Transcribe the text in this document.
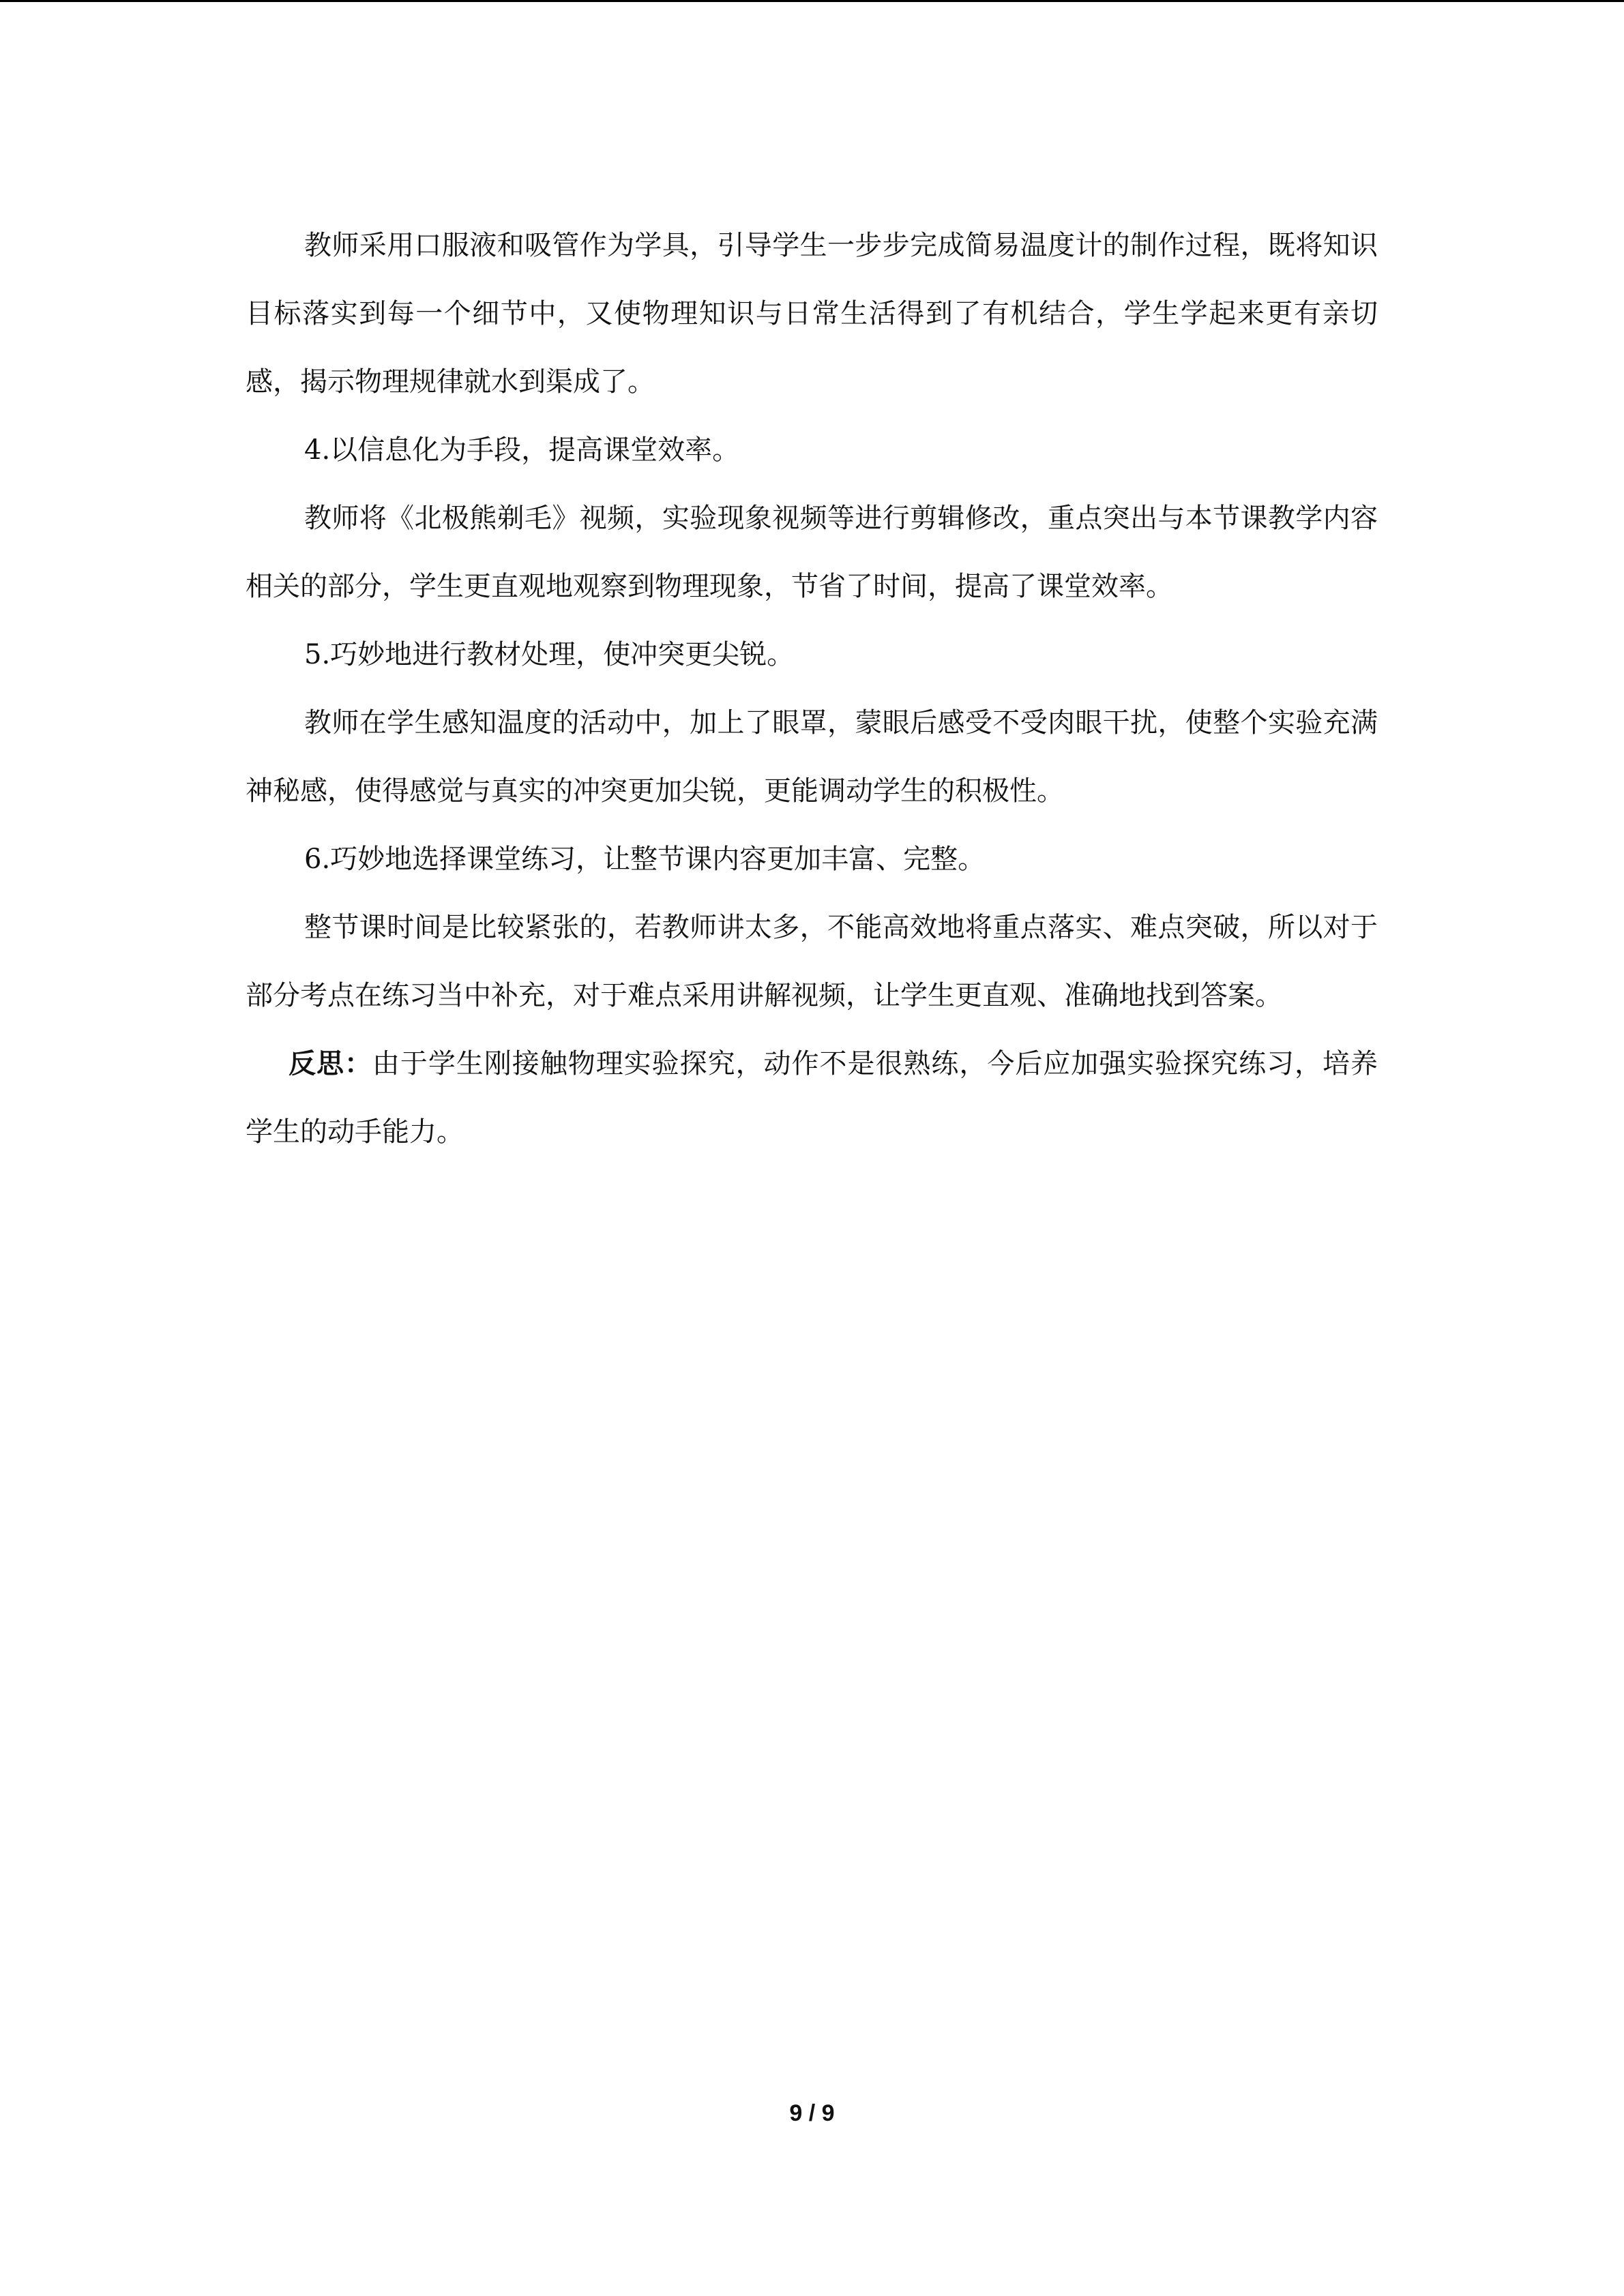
教师采用口服液和吸管作为学具，引导学生一步步完成简易温度计的制作过程，既将知识目标落实到每一个细节中，又使物理知识与日常生活得到了有机结合，学生学起来更有亲切感，揭示物理规律就水到渠成了。

4.以信息化为手段，提高课堂效率。

教师将《北极熊剃毛》视频，实验现象视频等进行剪辑修改，重点突出与本节课教学内容相关的部分，学生更直观地观察到物理现象，节省了时间，提高了课堂效率。

5.巧妙地进行教材处理，使冲突更尖锐。

教师在学生感知温度的活动中，加上了眼罩，蒙眼后感受不受肉眼干扰，使整个实验充满神秘感，使得感觉与真实的冲突更加尖锐，更能调动学生的积极性。

6.巧妙地选择课堂练习，让整节课内容更加丰富、完整。

整节课时间是比较紧张的，若教师讲太多，不能高效地将重点落实、难点突破，所以对于部分考点在练习当中补充，对于难点采用讲解视频，让学生更直观、准确地找到答案。

反思：由于学生刚接触物理实验探究，动作不是很熟练，今后应加强实验探究练习，培养学生的动手能力。

9 / 9
